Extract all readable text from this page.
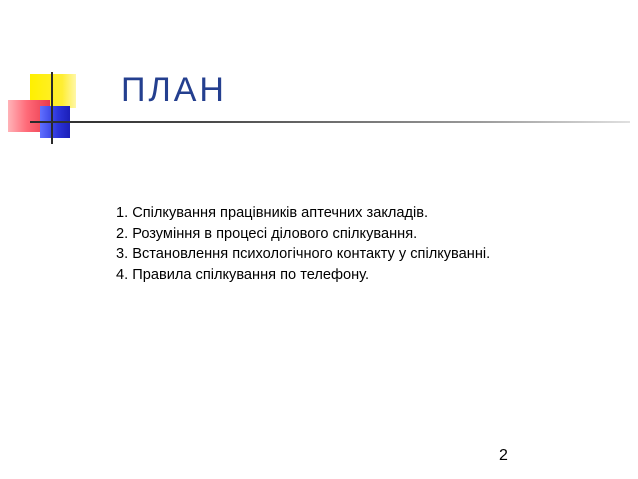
ПЛАН
1. Спілкування працівників аптечних закладів.
2. Розуміння в процесі ділового спілкування.
3. Встановлення психологічного контакту у спілкуванні.
4. Правила спілкування по телефону.
2
